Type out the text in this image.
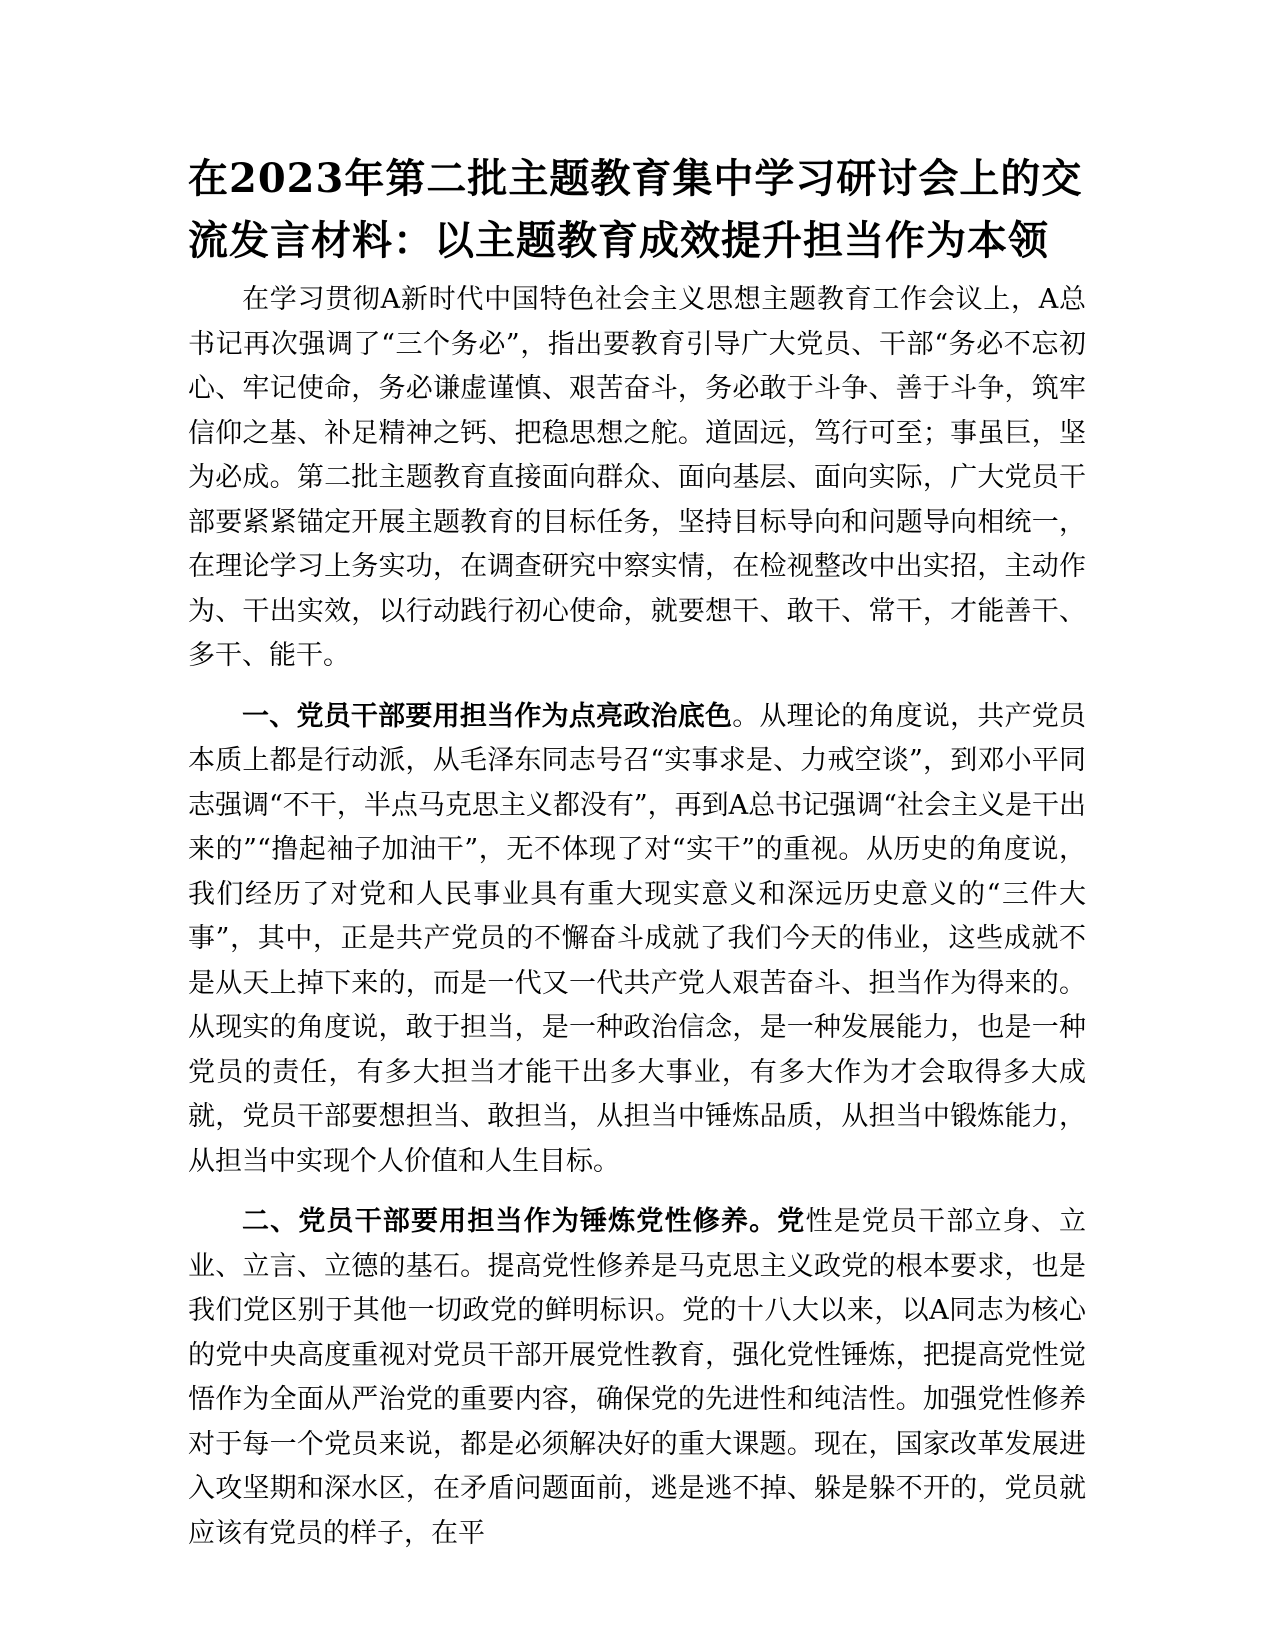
在2023年第二批主题教育集中学习研讨会上的交流发言材料：以主题教育成效提升担当作为本领

在学习贯彻A新时代中国特色社会主义思想主题教育工作会议上，A总书记再次强调了“三个务必”，指出要教育引导广大党员、干部“务必不忘初心、牢记使命，务必谦虚谨慎、艰苦奋斗，务必敢于斗争、善于斗争，筑牢信仰之基、补足精神之钙、把稳思想之舵。道固远，笃行可至；事虽巨，坚为必成。第二批主题教育直接面向群众、面向基层、面向实际，广大党员干部要紧紧锚定开展主题教育的目标任务，坚持目标导向和问题导向相统一，在理论学习上务实功，在调查研究中察实情，在检视整改中出实招，主动作为、干出实效，以行动践行初心使命，就要想干、敢干、常干，才能善干、多干、能干。

一、党员干部要用担当作为点亮政治底色。从理论的角度说，共产党员本质上都是行动派，从毛泽东同志号召“实事求是、力戒空谈”，到邓小平同志强调“不干，半点马克思主义都没有”，再到A总书记强调“社会主义是干出来的”“撸起袖子加油干”，无不体现了对“实干”的重视。从历史的角度说，我们经历了对党和人民事业具有重大现实意义和深远历史意义的“三件大事”，其中，正是共产党员的不懈奋斗成就了我们今天的伟业，这些成就不是从天上掉下来的，而是一代又一代共产党人艰苦奋斗、担当作为得来的。从现实的角度说，敢于担当，是一种政治信念，是一种发展能力，也是一种党员的责任，有多大担当才能干出多大事业，有多大作为才会取得多大成就，党员干部要想担当、敢担当，从担当中锤炼品质，从担当中锻炼能力，从担当中实现个人价值和人生目标。

二、党员干部要用担当作为锤炼党性修养。党性是党员干部立身、立业、立言、立德的基石。提高党性修养是马克思主义政党的根本要求，也是我们党区别于其他一切政党的鲜明标识。党的十八大以来，以A同志为核心的党中央高度重视对党员干部开展党性教育，强化党性锤炼，把提高党性觉悟作为全面从严治党的重要内容，确保党的先进性和纯洁性。加强党性修养对于每一个党员来说，都是必须解决好的重大课题。现在，国家改革发展进入攻坚期和深水区，在矛盾问题面前，逃是逃不掉、躲是躲不开的，党员就应该有党员的样子，在平
